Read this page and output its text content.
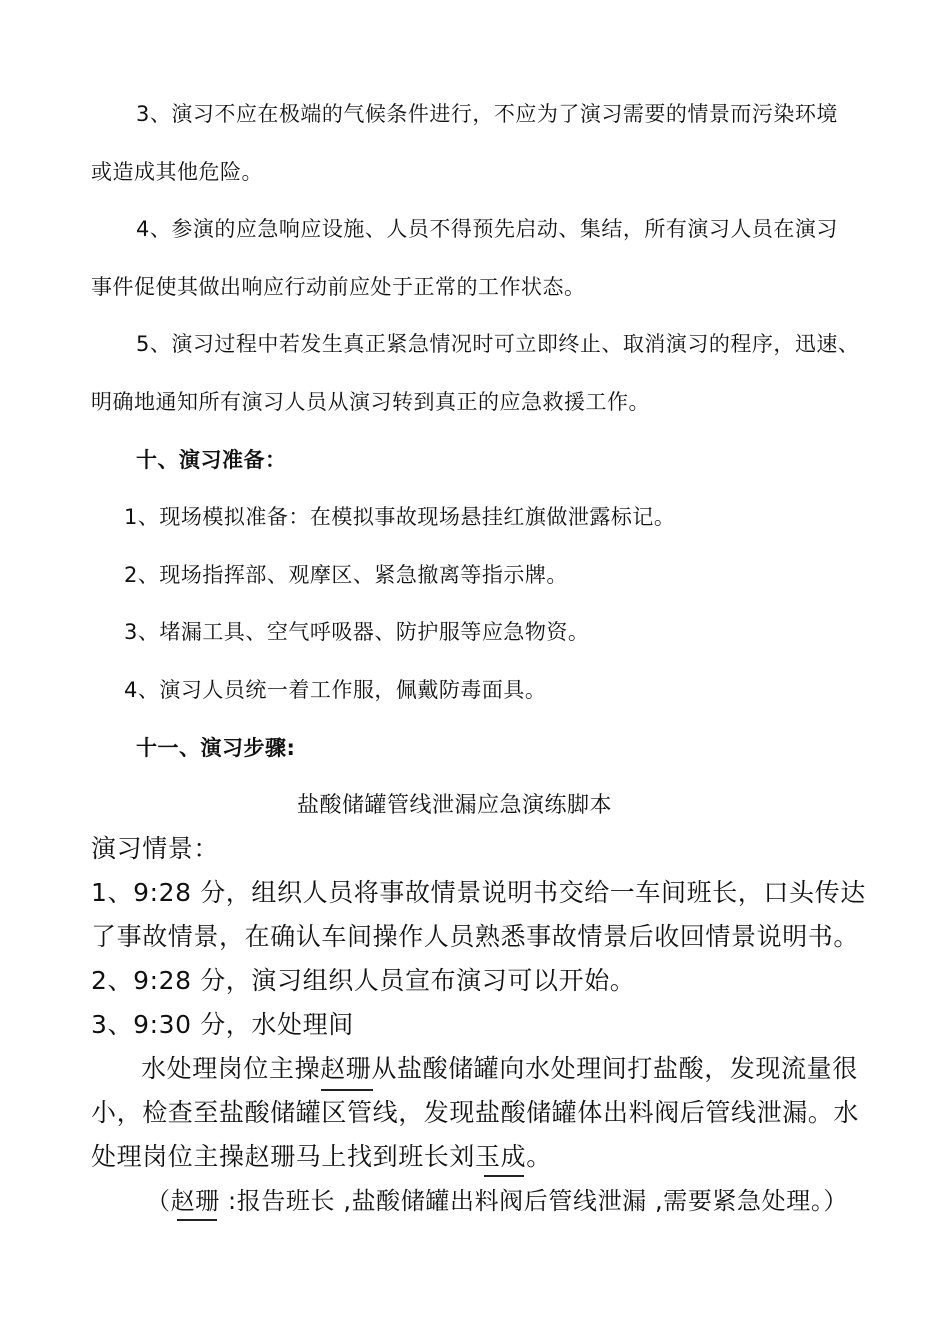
3、演习不应在极端的气候条件进行，不应为了演习需要的情景而污染环境
或造成其他危险。
4、参演的应急响应设施、人员不得预先启动、集结，所有演习人员在演习
事件促使其做出响应行动前应处于正常的工作状态。
5、演习过程中若发生真正紧急情况时可立即终止、取消演习的程序，迅速、
明确地通知所有演习人员从演习转到真正的应急救援工作。
十、演习准备：
1、现场模拟准备：在模拟事故现场悬挂红旗做泄露标记。
2、现场指挥部、观摩区、紧急撤离等指示牌。
3、堵漏工具、空气呼吸器、防护服等应急物资。
4、演习人员统一着工作服，佩戴防毒面具。
十一、演习步骤:
盐酸储罐管线泄漏应急演练脚本
演习情景：
1、9:28 分，组织人员将事故情景说明书交给一车间班长，口头传达
了事故情景，在确认车间操作人员熟悉事故情景后收回情景说明书。
2、9:28 分，演习组织人员宣布演习可以开始。
3、9:30 分，水处理间
水处理岗位主操赵珊从盐酸储罐向水处理间打盐酸，发现流量很
小，检查至盐酸储罐区管线，发现盐酸储罐体出料阀后管线泄漏。水
处理岗位主操赵珊马上找到班长刘玉成。
（赵珊 :报告班长 ,盐酸储罐出料阀后管线泄漏 ,需要紧急处理。）
